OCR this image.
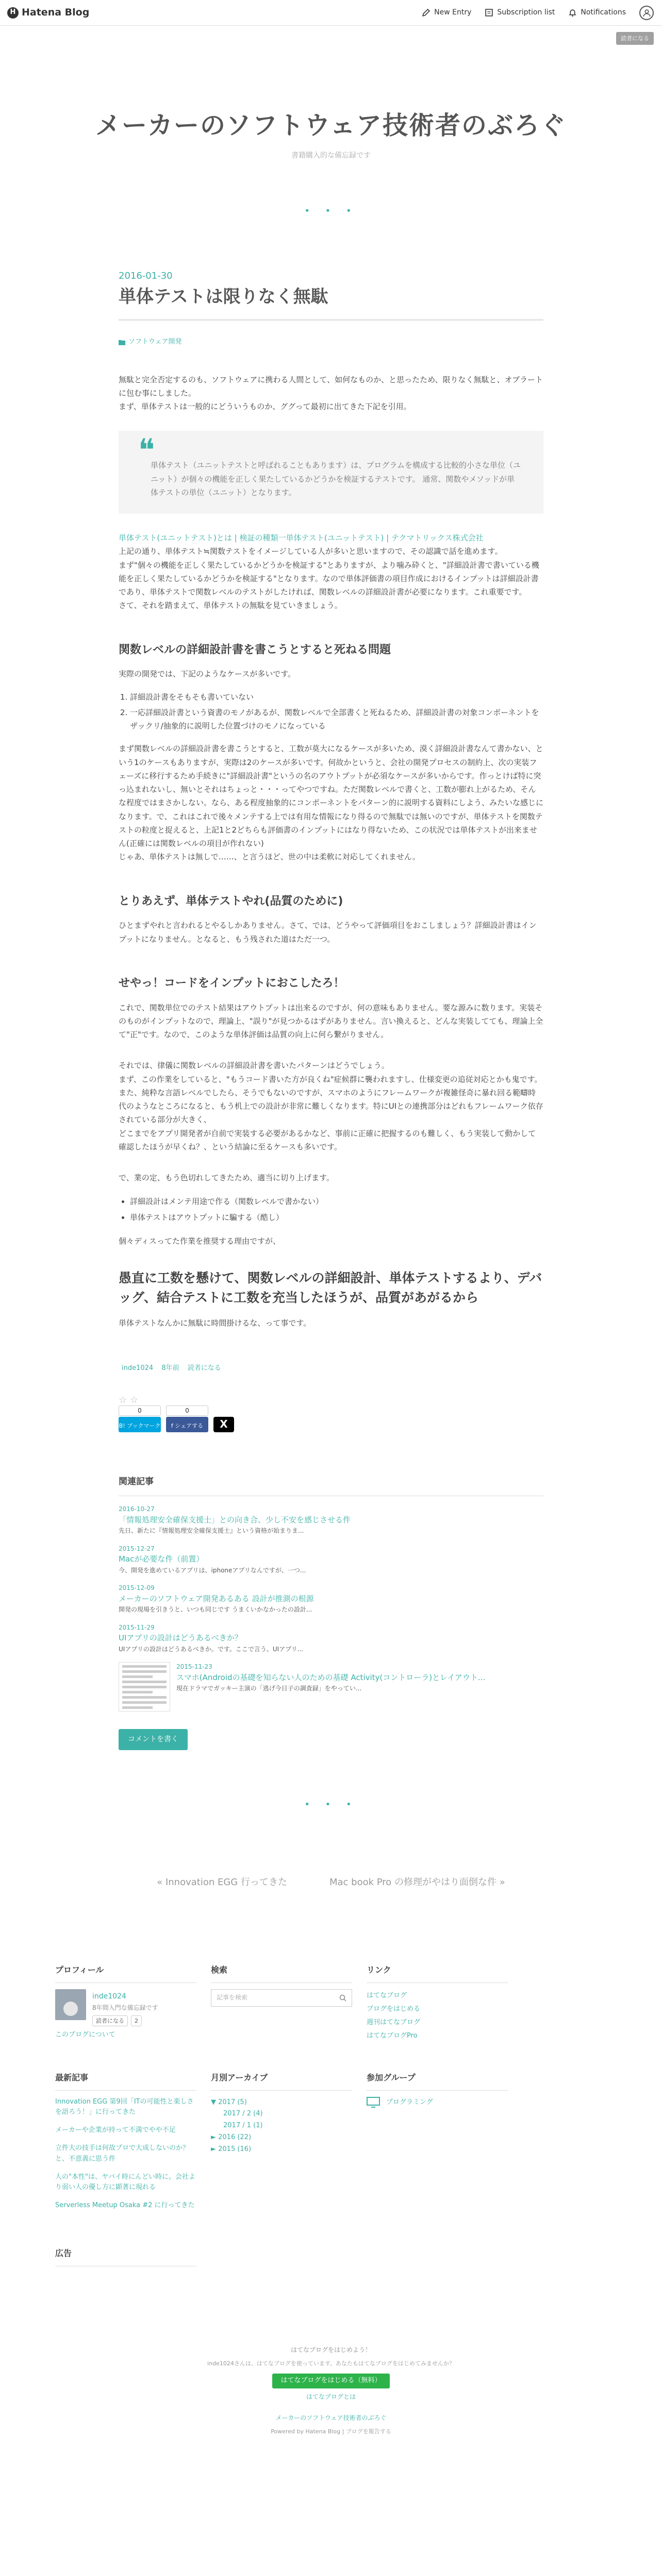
H Hatena Blog	New Entry	Subscription list	Notifications
読者になる
メーカーのソフトウェア技術者のぶろぐ

書籍購入的な備忘録です

• • •
2016-01-30
単体テストは限りなく無駄
ソフトウェア開発

無駄と完全否定するのも、ソフトウェアに携わる人間として、如何なものか、と思ったため、限りなく無駄と、オブラートに包む事にしました。

まず、単体テストは一般的にどういうものか、ググって最初に出てきた下記を引用。

❝

単体テスト（ユニットテストと呼ばれることもあります）は、プログラムを構成する比較的小さな単位（ユニット）が個々の機能を正しく果たしているかどうかを検証するテストです。 通常、関数やメソッドが単体テストの単位（ユニット）となります。

単体テスト(ユニットテスト)とは | 検証の種類一単体テスト(ユニットテスト) | テクマトリックス株式会社

上記の通り、単体テスト≒関数テストをイメージしている人が多いと思いますので、その認識で話を進めます。

まず"個々の機能を正しく果たしているかどうかを検証する"とありますが、より噛み砕くと、"詳細設計書で書いている機能を正しく果たしているかどうかを検証する"となります。なので単体評価書の項目作成におけるインプットは詳細設計書であり、単体テストで関数レベルのテストがしたければ、関数レベルの詳細設計書が必要になります。これ重要です。

さて、それを踏まえて、単体テストの無駄を見ていきましょう。

関数レベルの詳細設計書を書こうとすると死ねる問題

実際の開発では、下記のようなケースが多いです。

1. 詳細設計書をそもそも書いていない
2. 一応詳細設計書という資書のモノがあるが、関数レベルで全部書くと死ねるため、詳細設計書の対象コンポーネントをザックリ/抽象的に説明した位置づけのモノになっている

まず関数レベルの詳細設計書を書こうとすると、工数が莫大になるケースが多いため、漠く詳細設計書なんて書かない、という1のケースもありますが、実際は2のケースが多いです。何故かというと、会社の開発プロセスの制約上、次の実装フェーズに移行するため手続きに"詳細設計書"というの名のアウトプットが必須なケースが多いからです。作っとけば特に突っ込まれないし、無いとそれはちょっと・・・ってやつですね。ただ関数レベルで書くと、工数が膨れ上がるため、そんな程度ではまさかしない。なら、ある程度抽象的にコンポーネントをパターン的に説明する資料にしよう、みたいな感じになります。で、これはこれで後々メンテする上では有用な情報になり得るので無駄では無いのですが、単体テストを関数テストの粒度と捉えると、上記1と2どちらも評価書のインプットにはなり得ないため、この状況では単体テストが出来ません(正確には関数レベルの項目が作れない)

じゃあ、単体テストは無しで……、と言うほど、世の中は柔軟に対応してくれません。

とりあえず、単体テストやれ(品質のために)

ひとまずやれと言われるとやるしかありません。さて、では、どうやって評価項目をおこしましょう？詳細設計書はインプットになりません。となると、もう残された道はただ一つ。

せやっ！コードをインプットにおこしたろ！

これで、関数単位でのテスト結果はアウトプットは出来るのですが、何の意味もありません。要な源みに数ります。実装そのものがインプットなので、理論上、"誤り"が見つかるはずがありません。言い換えると、どんな実装してても、理論上全て"正"です。なので、このような単体評価は品質の向上に何ら繋がりません。

それでは、律儀に関数レベルの詳細設計書を書いたパターンはどうでしょう。

まず、この作業をしていると、"もうコード書いた方が良くね"症候群に襲われますし、仕様変更の追従対応とかも鬼です。また、純粋な言語レベルでしたら、そうでもないのですが、スマホのようにフレームワークが複雑怪奇に暴れ回る範疇時代のようなところになると、もう机上での設計が非常に難しくなります。特にUIとの連携部分はどれもフレームワーク依存されている部分が大きく、

どこまでをアプリ開発者が自前で実装する必要があるかなど、事前に正確に把握するのも難しく、もう実装して動かして確認したほうが早くね？、という結論に至るケースも多いです。

で、業の定、もう色切れしてきたため、適当に切り上げます。

• 詳細設計はメンテ用途で作る（関数レベルで書かない）
• 単体テストはアウトプットに騙する（酷し）

個々ディスってた作業を推奨する理由ですが、

愚直に工数を懸けて、関数レベルの詳細設計、単体テストするより、デバッグ、結合テストに工数を充当したほうが、品質があがるから

単体テストなんかに無駄に時間掛けるな、って事です。

inde1024 8年前 読者になる
☆ ☆
0
B! ブックマーク
0
f シェアする	X
関連記事
2016-10-27
「情報処理安全確保支援士」との向き合、少し不安を感じさせる件
先日、新たに『情報処理安全確保支援士』という資格が始まりま...
2015-12-27
Macが必要な件（前置）
今、開発を進めているアプリは、iphoneアプリなんですが、一つ...
2015-12-09
メーカーのソフトウェア開発あるある 設計が推測の根源
開発の現場を引きうと、いつも同じです うまくいかなかったの設計...
2015-11-29
UIアプリの設計はどうあるべきか？
UIアプリの設計はどうあるべきか。です。ここで言う、UIアプリ...
2015-11-23
スマホ(Androidの基礎を知らない人のための基礎 Activity(コントローラ)とレイアウト...
現在ドラマでガッキー主演の「逃げ今日子の調査録」をやってい...
コメントを書く
• • •
« Innovation EGG 行ってきた	Mac book Pro の修理がやはり面倒な件 »
プロフィール
inde1024
8年間入門な備忘録です
読者になる	2
このブログについて
検索
記事を検索
リンク
はてなブログ
ブログをはじめる
週刊はてなブログ
はてなブログPro
最新記事
Innovation EGG 第9回「ITの可能性と楽しさを語ろう！」に行ってきた
メーカーや企業が持って不満でやや不足
立件大の技手は何故プロで大成しないのか？と、不意義に思う件
人の"本性"は、ヤバイ時にんどい時に。会社より弱い人の優し方に顕著に現れる
Serverless Meetup Osaka #2 に行ってきた
月別アーカイブ
▼ 2017 (5)
2017 / 2 (4)
2017 / 1 (1)
► 2016 (22)
► 2015 (16)
参加グループ
プログラミング
広告
はてなブログをはじめよう！
inde1024さんは、はてなブログを使っています。あなたもはてなブログをはじめてみませんか？
はてなブログをはじめる（無料）
はてなブログとは
メーカーのソフトウェア技術者のぶろぐ
Powered by Hatena Blog | ブログを報告する
